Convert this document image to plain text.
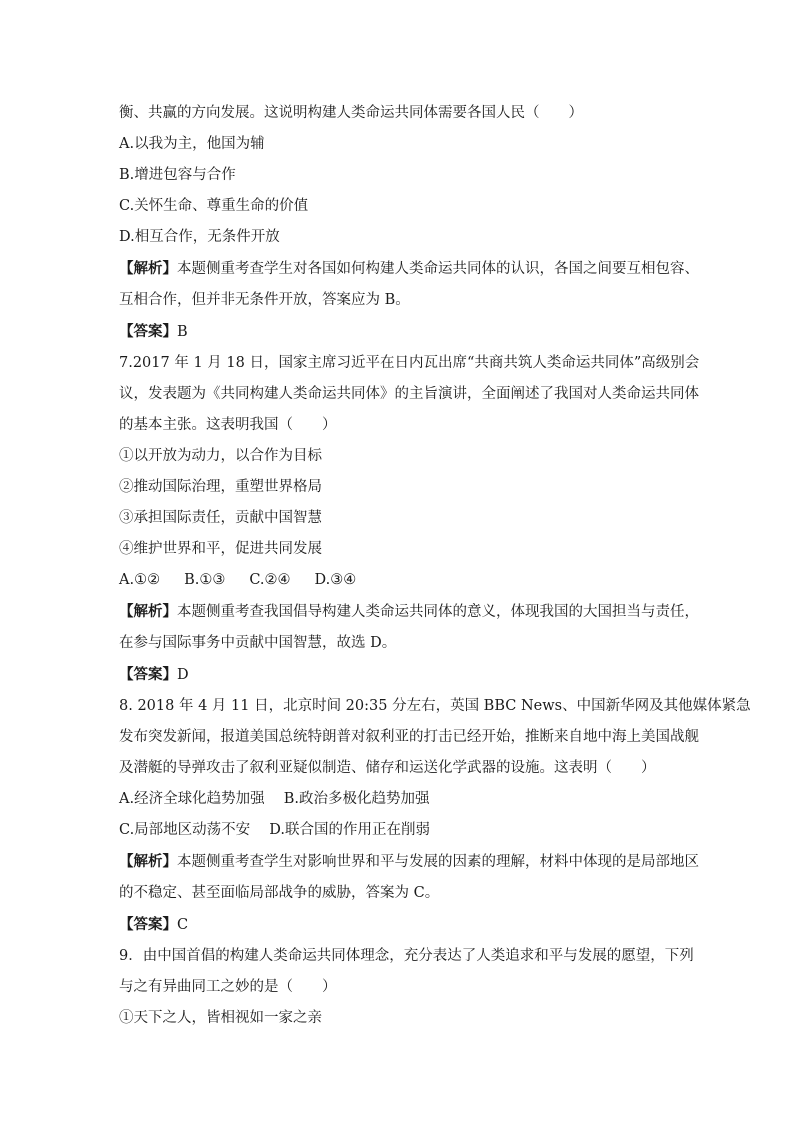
衡、共赢的方向发展。这说明构建人类命运共同体需要各国人民（　　）
A.以我为主，他国为辅
B.增进包容与合作
C.关怀生命、尊重生命的价值
D.相互合作，无条件开放
【解析】本题侧重考查学生对各国如何构建人类命运共同体的认识，各国之间要互相包容、
互相合作，但并非无条件开放，答案应为 B。
【答案】B
7.2017 年 1 月 18 日，国家主席习近平在日内瓦出席“共商共筑人类命运共同体”高级别会
议，发表题为《共同构建人类命运共同体》的主旨演讲，全面阐述了我国对人类命运共同体
的基本主张。这表明我国（　　）
①以开放为动力，以合作为目标
②推动国际治理，重塑世界格局
③承担国际责任，贡献中国智慧
④维护世界和平，促进共同发展
A.①② B.①③ C.②④ D.③④
【解析】本题侧重考查我国倡导构建人类命运共同体的意义，体现我国的大国担当与责任，
在参与国际事务中贡献中国智慧，故选 D。
【答案】D
8. 2018 年 4 月 11 日，北京时间 20:35 分左右，英国 BBC News、中国新华网及其他媒体紧急
发布突发新闻，报道美国总统特朗普对叙利亚的打击已经开始，推断来自地中海上美国战舰
及潜艇的导弹攻击了叙利亚疑似制造、储存和运送化学武器的设施。这表明（　　）
A.经济全球化趋势加强　 B.政治多极化趋势加强
C.局部地区动荡不安　 D.联合国的作用正在削弱
【解析】本题侧重考查学生对影响世界和平与发展的因素的理解，材料中体现的是局部地区
的不稳定、甚至面临局部战争的威胁，答案为 C。
【答案】C
9．由中国首倡的构建人类命运共同体理念，充分表达了人类追求和平与发展的愿望，下列
与之有异曲同工之妙的是（　　）
①天下之人，皆相视如一家之亲
